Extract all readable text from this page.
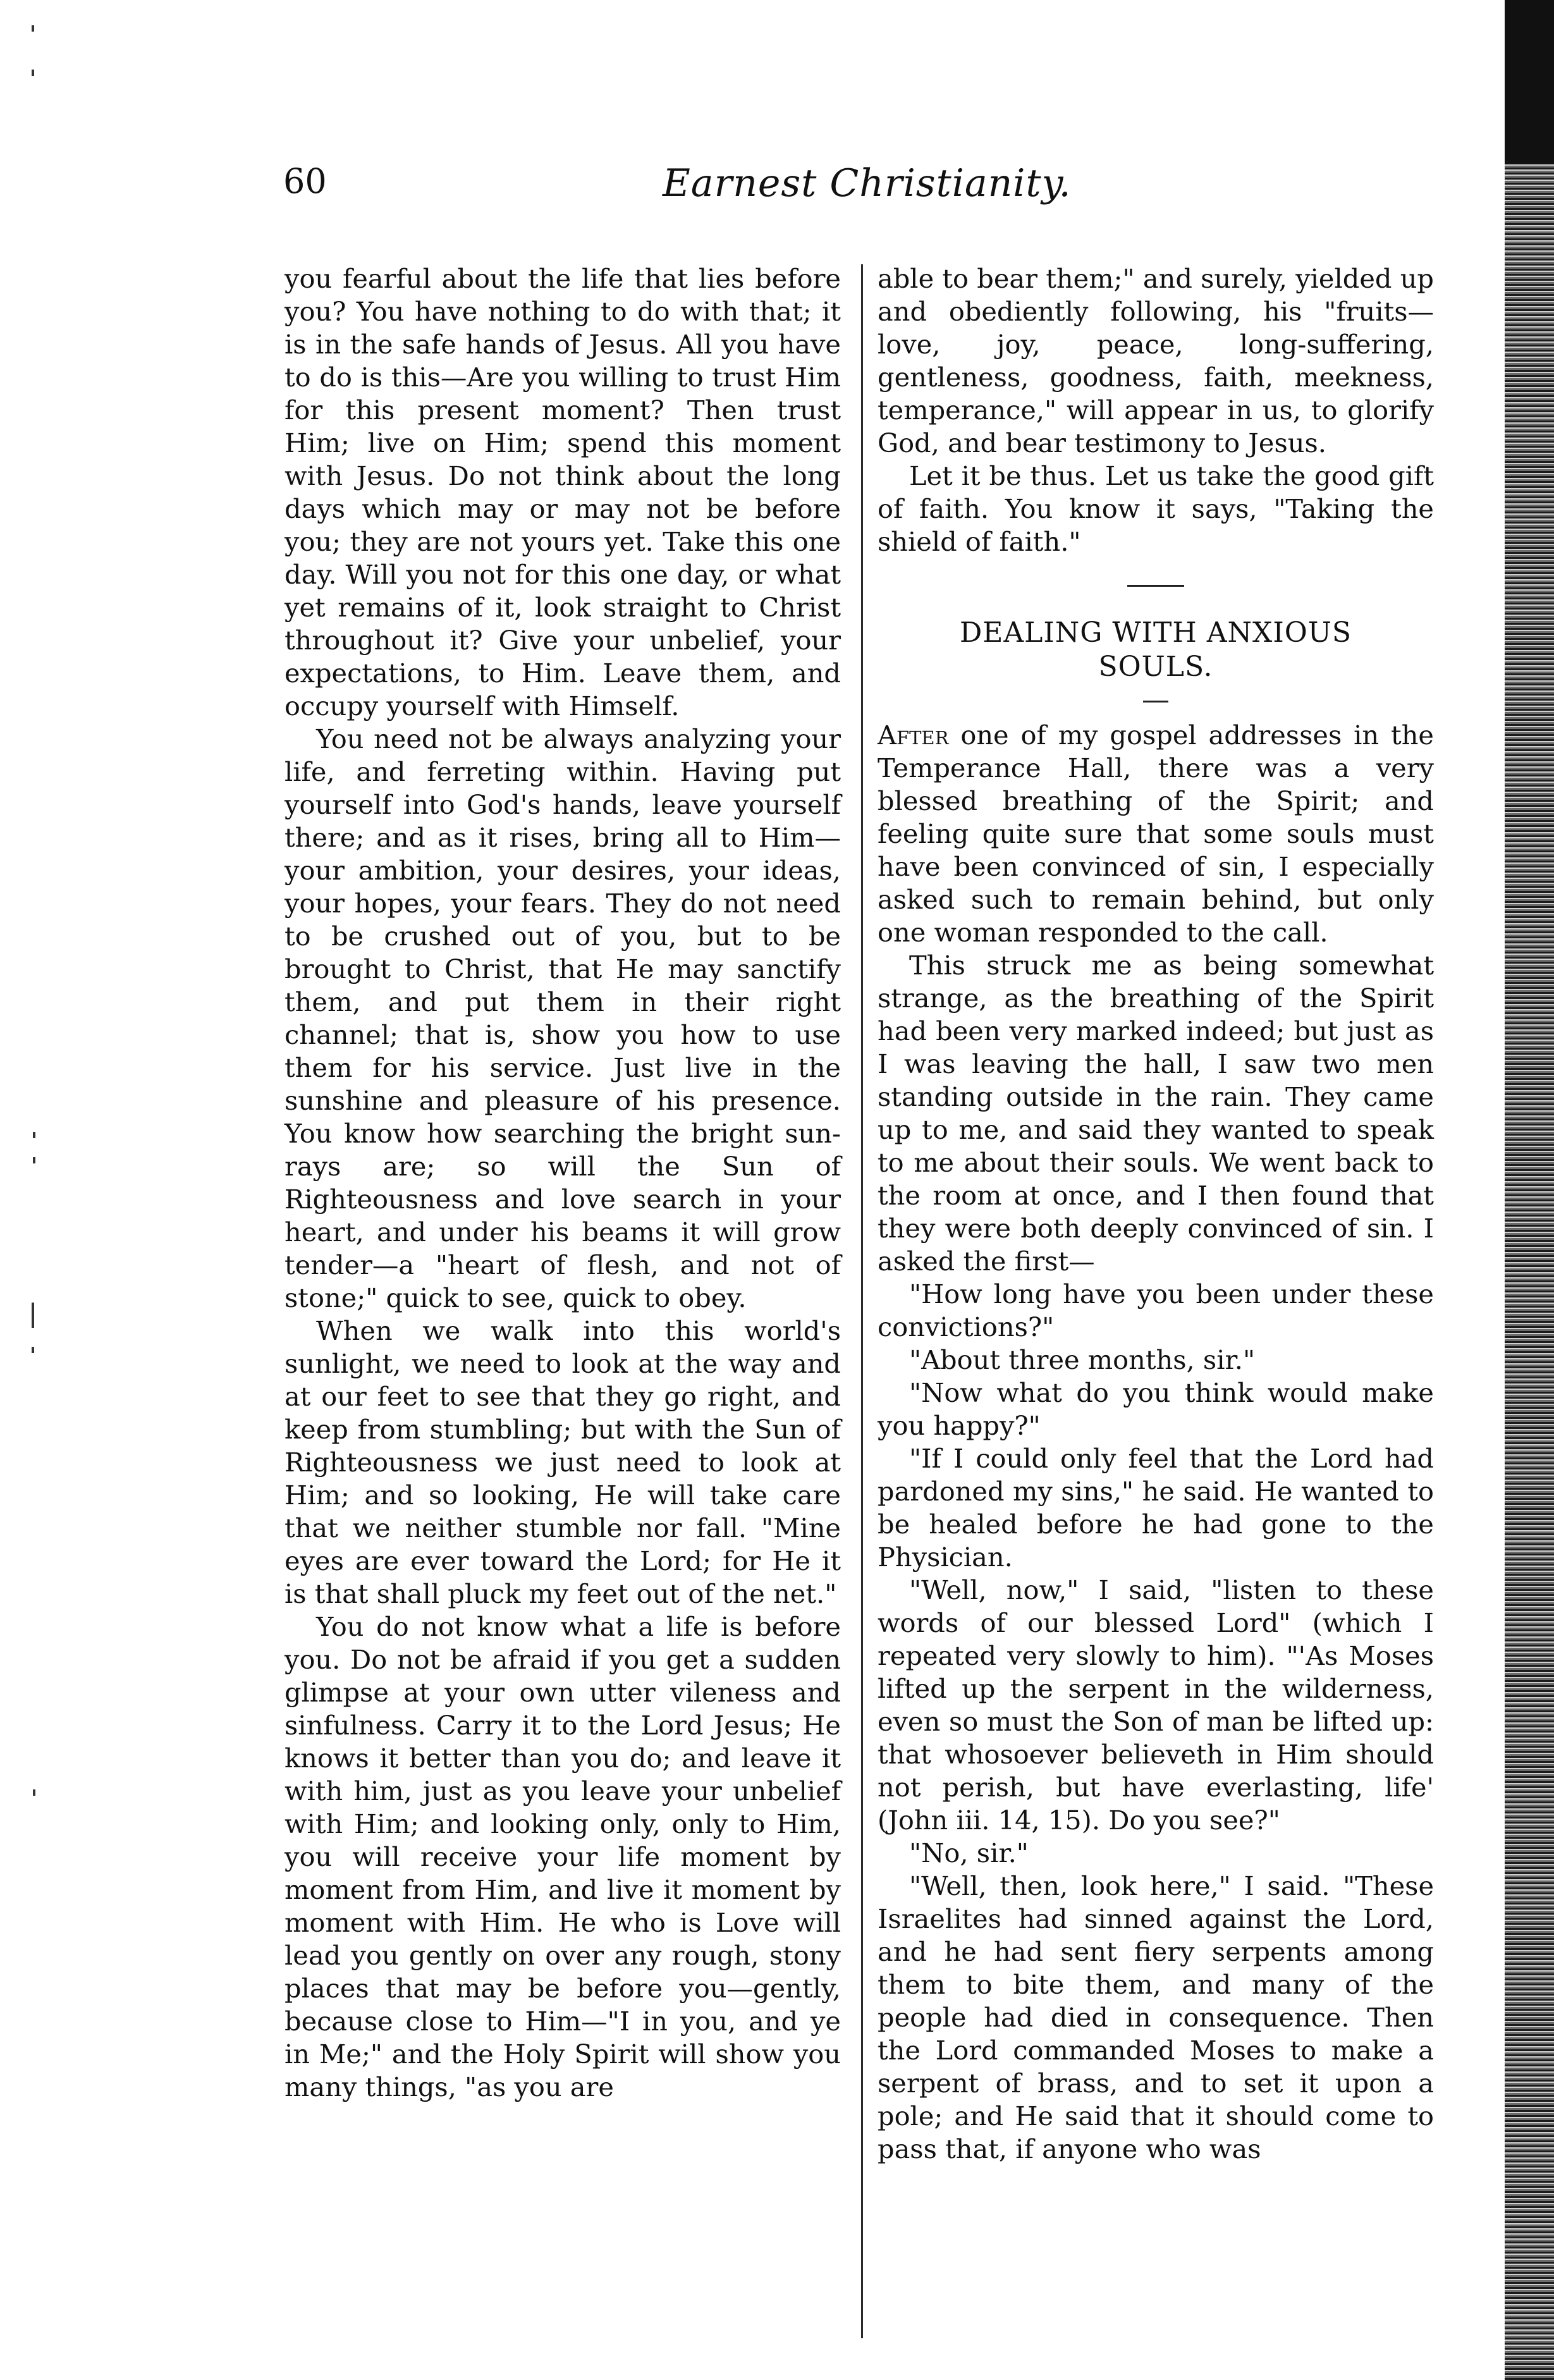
60	Earnest Christianity.

you fearful about the life that lies before you? You have nothing to do with that; it is in the safe hands of Jesus. All you have to do is this—Are you willing to trust Him for this present moment? Then trust Him; live on Him; spend this moment with Jesus. Do not think about the long days which may or may not be before you; they are not yours yet. Take this one day. Will you not for this one day, or what yet remains of it, look straight to Christ throughout it? Give your unbelief, your expectations, to Him. Leave them, and occupy yourself with Himself.

You need not be always analyzing your life, and ferreting within. Having put yourself into God's hands, leave yourself there; and as it rises, bring all to Him—your ambition, your desires, your ideas, your hopes, your fears. They do not need to be crushed out of you, but to be brought to Christ, that He may sanctify them, and put them in their right channel; that is, show you how to use them for his service. Just live in the sunshine and pleasure of his presence. You know how searching the bright sun-rays are; so will the Sun of Righteousness and love search in your heart, and under his beams it will grow tender—a "heart of flesh, and not of stone;" quick to see, quick to obey.

When we walk into this world's sunlight, we need to look at the way and at our feet to see that they go right, and keep from stumbling; but with the Sun of Righteousness we just need to look at Him; and so looking, He will take care that we neither stumble nor fall. "Mine eyes are ever toward the Lord; for He it is that shall pluck my feet out of the net."

You do not know what a life is before you. Do not be afraid if you get a sudden glimpse at your own utter vileness and sinfulness. Carry it to the Lord Jesus; He knows it better than you do; and leave it with him, just as you leave your unbelief with Him; and looking only, only to Him, you will receive your life moment by moment from Him, and live it moment by moment with Him. He who is Love will lead you gently on over any rough, stony places that may be before you—gently, because close to Him—"I in you, and ye in Me;" and the Holy Spirit will show you many things, "as you are

able to bear them;" and surely, yielded up and obediently following, his "fruits—love, joy, peace, long-suffering, gentleness, goodness, faith, meekness, temperance," will appear in us, to glorify God, and bear testimony to Jesus.

Let it be thus. Let us take the good gift of faith. You know it says, "Taking the shield of faith."

DEALING WITH ANXIOUS
SOULS.

After one of my gospel addresses in the Temperance Hall, there was a very blessed breathing of the Spirit; and feeling quite sure that some souls must have been convinced of sin, I especially asked such to remain behind, but only one woman responded to the call.

This struck me as being somewhat strange, as the breathing of the Spirit had been very marked indeed; but just as I was leaving the hall, I saw two men standing outside in the rain. They came up to me, and said they wanted to speak to me about their souls. We went back to the room at once, and I then found that they were both deeply convinced of sin. I asked the first—

"How long have you been under these convictions?"

"About three months, sir."

"Now what do you think would make you happy?"

"If I could only feel that the Lord had pardoned my sins," he said. He wanted to be healed before he had gone to the Physician.

"Well, now," I said, "listen to these words of our blessed Lord" (which I repeated very slowly to him). "'As Moses lifted up the serpent in the wilderness, even so must the Son of man be lifted up: that whosoever believeth in Him should not perish, but have everlasting, life' (John iii. 14, 15). Do you see?"

"No, sir."

"Well, then, look here," I said. "These Israelites had sinned against the Lord, and he had sent fiery serpents among them to bite them, and many of the people had died in consequence. Then the Lord commanded Moses to make a serpent of brass, and to set it upon a pole; and He said that it should come to pass that, if anyone who was
